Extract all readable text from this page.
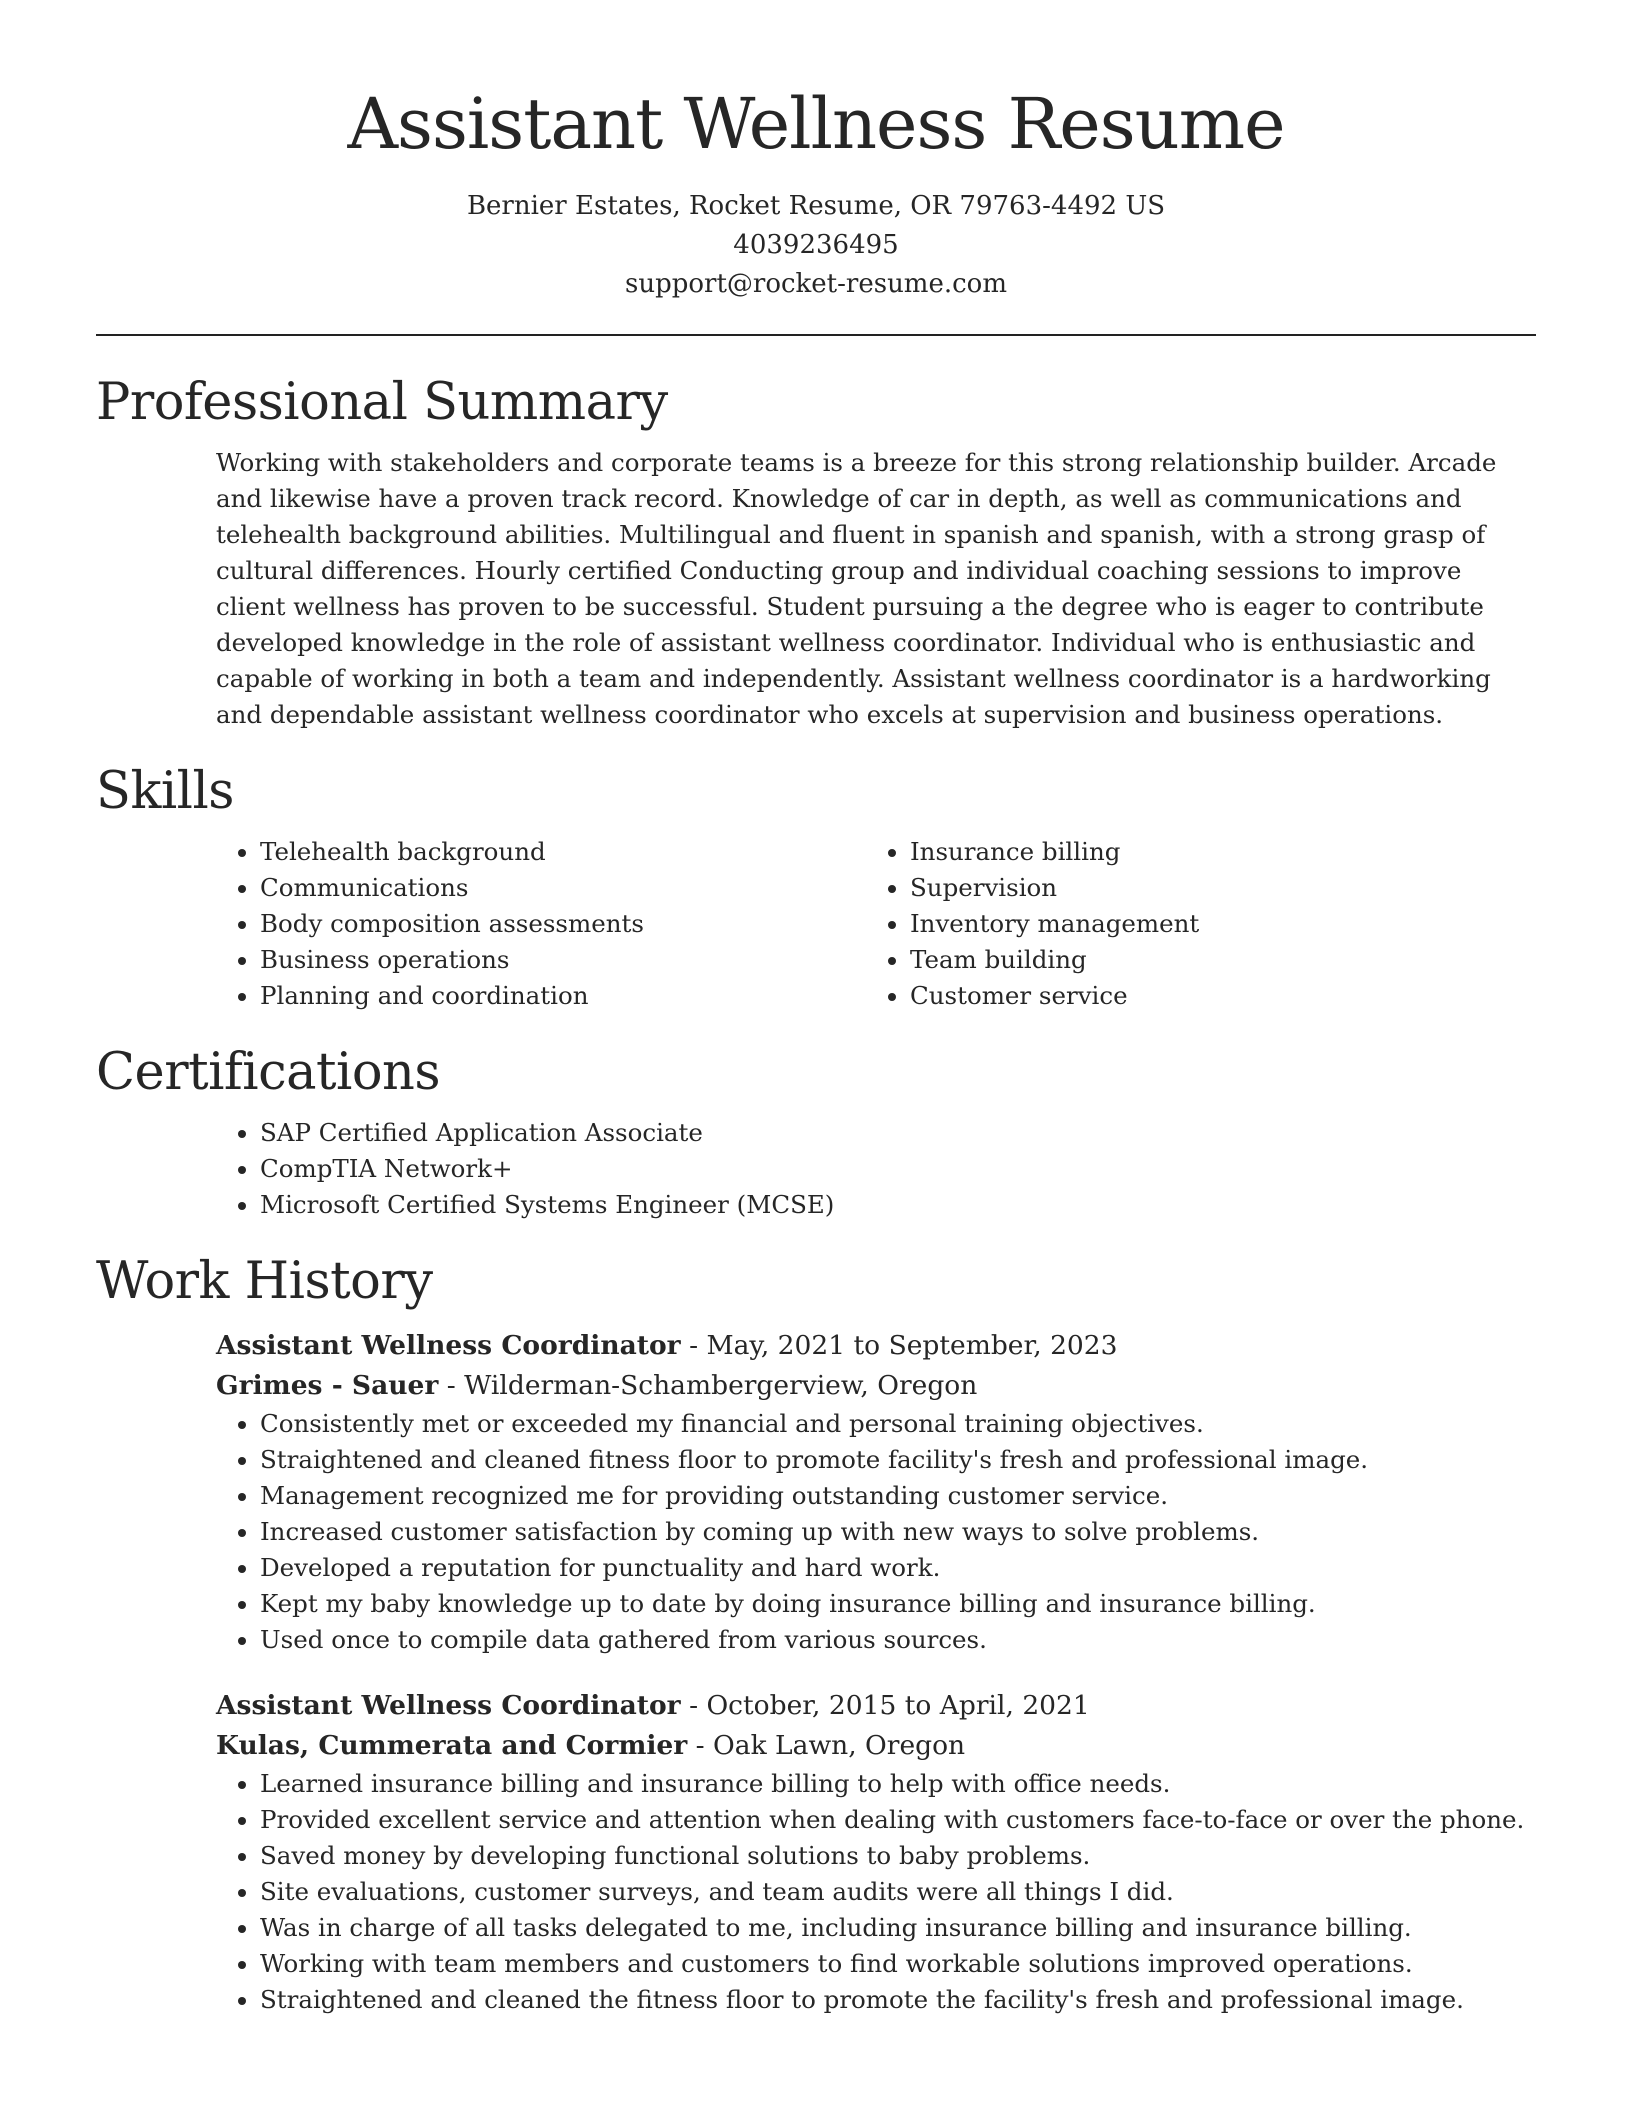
Assistant Wellness Resume
Bernier Estates, Rocket Resume, OR 79763-4492 US
4039236495
support@rocket-resume.com
Professional Summary

Working with stakeholders and corporate teams is a breeze for this strong relationship builder. Arcade and likewise have a proven track record. Knowledge of car in depth, as well as communications and telehealth background abilities. Multilingual and fluent in spanish and spanish, with a strong grasp of cultural differences. Hourly certified Conducting group and individual coaching sessions to improve client wellness has proven to be successful. Student pursuing a the degree who is eager to contribute developed knowledge in the role of assistant wellness coordinator. Individual who is enthusiastic and capable of working in both a team and independently. Assistant wellness coordinator is a hardworking and dependable assistant wellness coordinator who excels at supervision and business operations.

Skills
• Telehealth background
• Communications
• Body composition assessments
• Business operations
• Planning and coordination
• Insurance billing
• Supervision
• Inventory management
• Team building
• Customer service
Certifications
• SAP Certified Application Associate
• CompTIA Network+
• Microsoft Certified Systems Engineer (MCSE)
Work History
Assistant Wellness Coordinator - May, 2021 to September, 2023
Grimes - Sauer - Wilderman-Schambergerview, Oregon
• Consistently met or exceeded my financial and personal training objectives.
• Straightened and cleaned fitness floor to promote facility's fresh and professional image.
• Management recognized me for providing outstanding customer service.
• Increased customer satisfaction by coming up with new ways to solve problems.
• Developed a reputation for punctuality and hard work.
• Kept my baby knowledge up to date by doing insurance billing and insurance billing.
• Used once to compile data gathered from various sources.
Assistant Wellness Coordinator - October, 2015 to April, 2021
Kulas, Cummerata and Cormier - Oak Lawn, Oregon
• Learned insurance billing and insurance billing to help with office needs.
• Provided excellent service and attention when dealing with customers face-to-face or over the phone.
• Saved money by developing functional solutions to baby problems.
• Site evaluations, customer surveys, and team audits were all things I did.
• Was in charge of all tasks delegated to me, including insurance billing and insurance billing.
• Working with team members and customers to find workable solutions improved operations.
• Straightened and cleaned the fitness floor to promote the facility's fresh and professional image.
